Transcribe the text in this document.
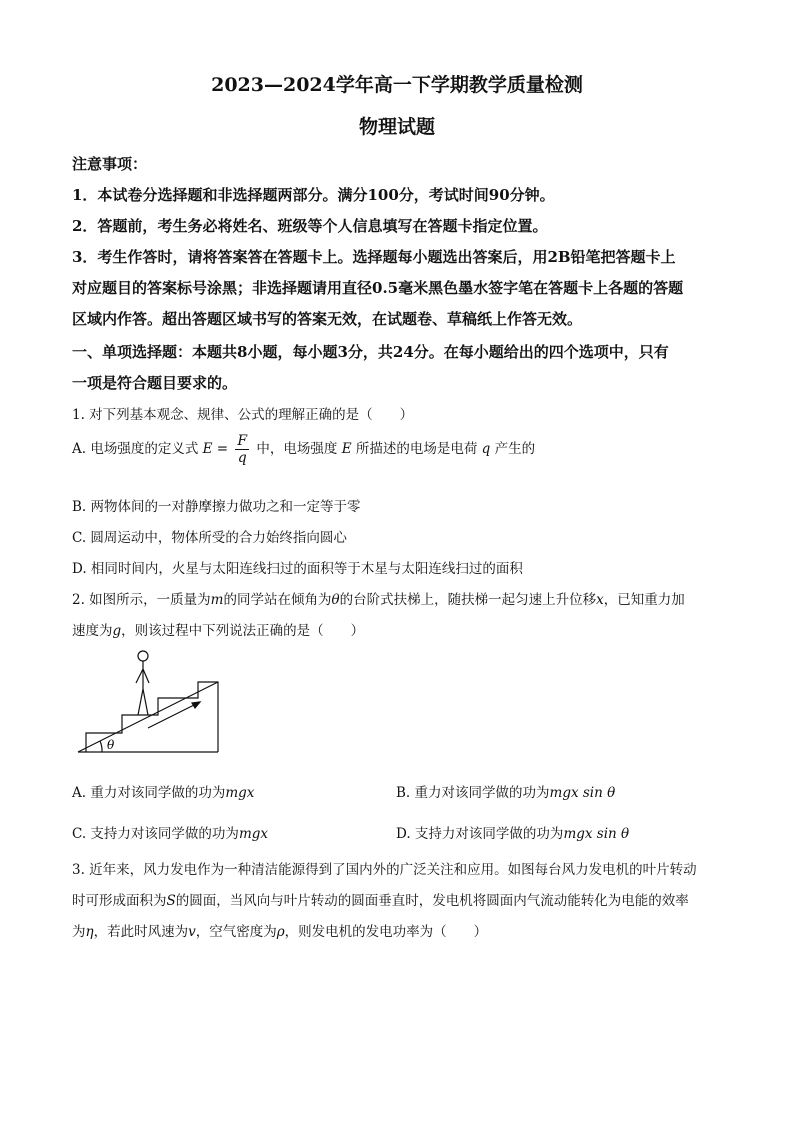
2023—2024学年高一下学期教学质量检测
物理试题
注意事项：
1．本试卷分选择题和非选择题两部分。满分100分，考试时间90分钟。
2．答题前，考生务必将姓名、班级等个人信息填写在答题卡指定位置。
3．考生作答时，请将答案答在答题卡上。选择题每小题选出答案后，用2B铅笔把答题卡上
对应题目的答案标号涂黑；非选择题请用直径0.5毫米黑色墨水签字笔在答题卡上各题的答题
区域内作答。超出答题区域书写的答案无效，在试题卷、草稿纸上作答无效。
一、单项选择题：本题共8小题，每小题3分，共24分。在每小题给出的四个选项中，只有
一项是符合题目要求的。
1. 对下列基本观念、规律、公式的理解正确的是（　　）
A. 电场强度的定义式 $E = \frac{F}{q}$ 中，电场强度 E 所描述的电场是电荷 q 产生的
B. 两物体间的一对静摩擦力做功之和一定等于零
C. 圆周运动中，物体所受的合力始终指向圆心
D. 相同时间内，火星与太阳连线扫过的面积等于木星与太阳连线扫过的面积
2. 如图所示，一质量为m的同学站在倾角为θ的台阶式扶梯上，随扶梯一起匀速上升位移x，已知重力加
速度为g，则该过程中下列说法正确的是（　　）
θ
A. 重力对该同学做的功为mgx	B. 重力对该同学做的功为mgx sin θ
C. 支持力对该同学做的功为mgx	D. 支持力对该同学做的功为mgx sin θ
3. 近年来，风力发电作为一种清洁能源得到了国内外的广泛关注和应用。如图每台风力发电机的叶片转动
时可形成面积为S的圆面，当风向与叶片转动的圆面垂直时，发电机将圆面内气流动能转化为电能的效率
为η，若此时风速为v，空气密度为ρ，则发电机的发电功率为（　　）
